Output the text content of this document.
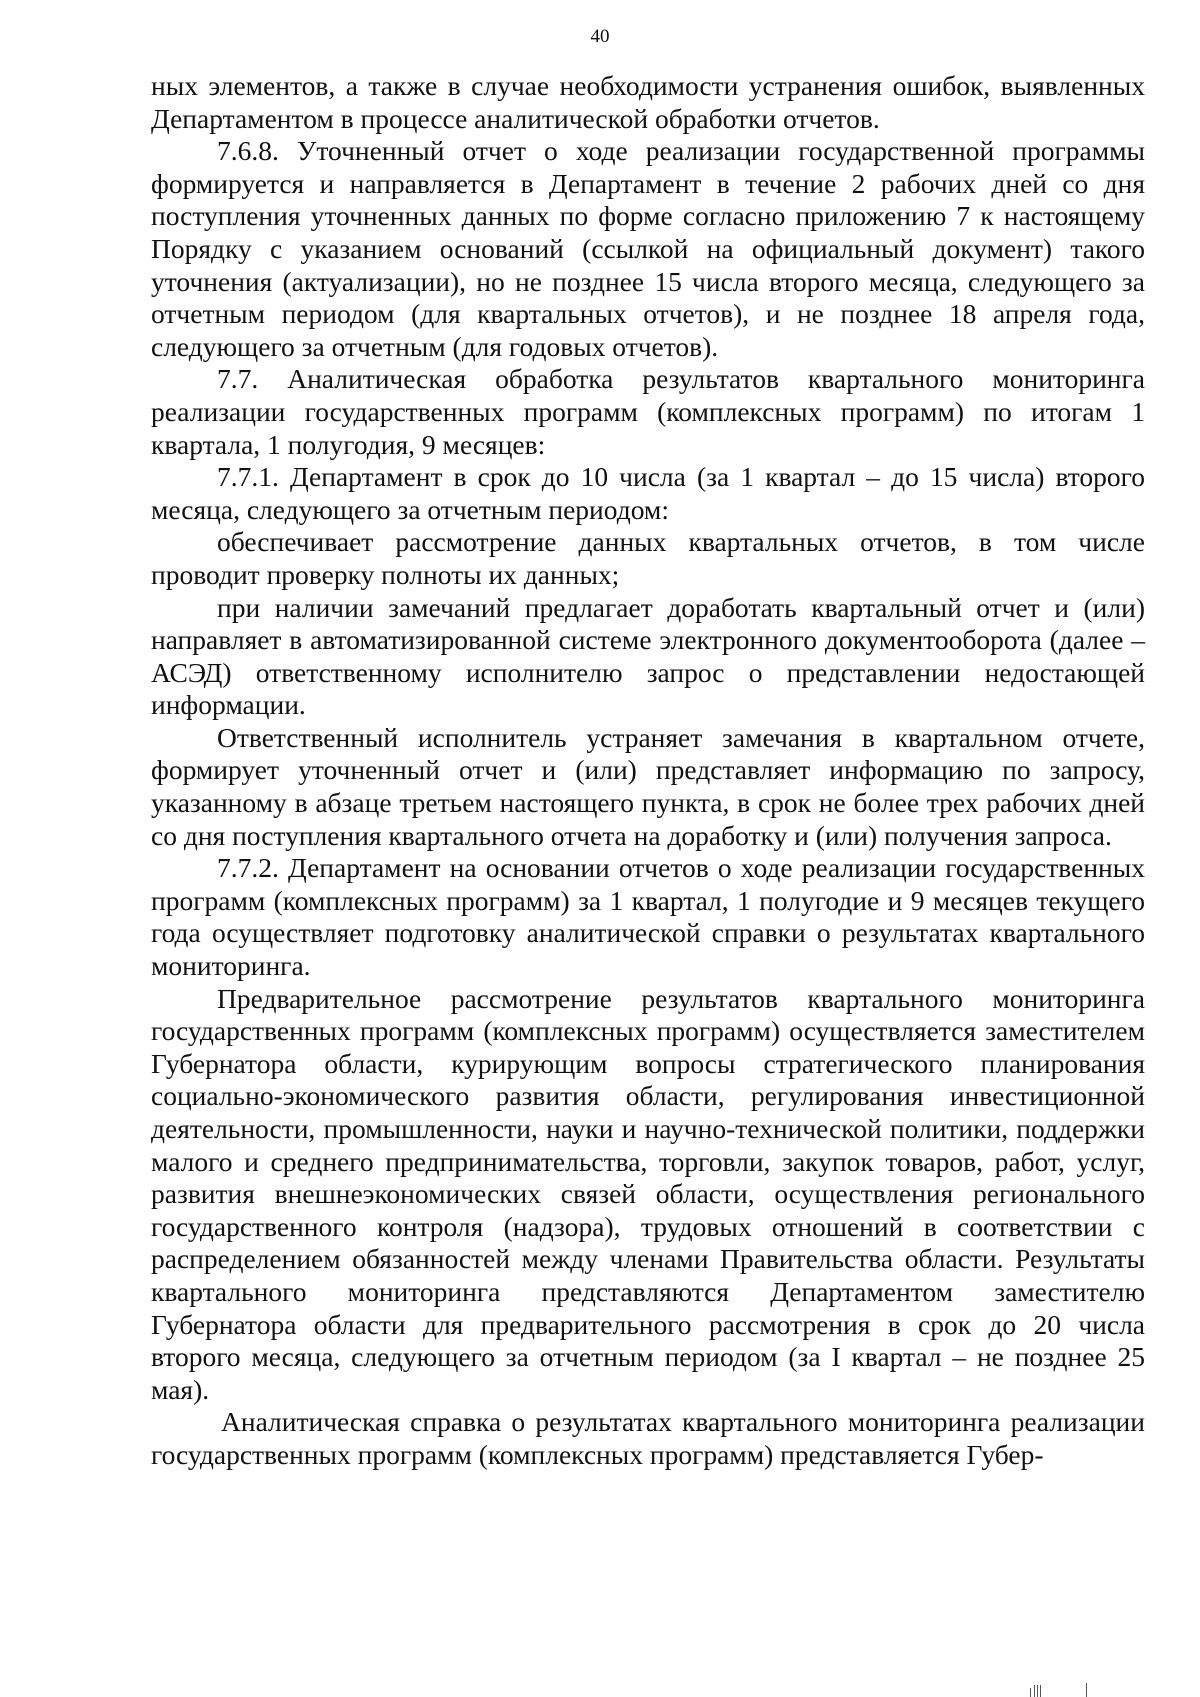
40

ных элементов, а также в случае необходимости устранения ошибок, выявленных Департаментом в процессе аналитической обработки отчетов.

7.6.8. Уточненный отчет о ходе реализации государственной программы формируется и направляется в Департамент в течение 2 рабочих дней со дня поступления уточненных данных по форме согласно приложению 7 к настоящему Порядку с указанием оснований (ссылкой на официальный документ) такого уточнения (актуализации), но не позднее 15 числа второго месяца, следующего за отчетным периодом (для квартальных отчетов), и не позднее 18 апреля года, следующего за отчетным (для годовых отчетов).

7.7. Аналитическая обработка результатов квартального мониторинга реализации государственных программ (комплексных программ) по итогам 1 квартала, 1 полугодия, 9 месяцев:

7.7.1. Департамент в срок до 10 числа (за 1 квартал – до 15 числа) второго месяца, следующего за отчетным периодом:

обеспечивает рассмотрение данных квартальных отчетов, в том числе проводит проверку полноты их данных;

при наличии замечаний предлагает доработать квартальный отчет и (или) направляет в автоматизированной системе электронного документооборота (далее – АСЭД) ответственному исполнителю запрос о представлении недостающей информации.

Ответственный исполнитель устраняет замечания в квартальном отчете, формирует уточненный отчет и (или) представляет информацию по запросу, указанному в абзаце третьем настоящего пункта, в срок не более трех рабочих дней со дня поступления квартального отчета на доработку и (или) получения запроса.

7.7.2. Департамент на основании отчетов о ходе реализации государственных программ (комплексных программ) за 1 квартал, 1 полугодие и 9 месяцев текущего года осуществляет подготовку аналитической справки о результатах квартального мониторинга.

Предварительное рассмотрение результатов квартального мониторинга государственных программ (комплексных программ) осуществляется заместителем Губернатора области, курирующим вопросы стратегического планирования социально-экономического развития области, регулирования инвестиционной деятельности, промышленности, науки и научно-технической политики, поддержки малого и среднего предпринимательства, торговли, закупок товаров, работ, услуг, развития внешнеэкономических связей области, осуществления регионального государственного контроля (надзора), трудовых отношений в соответствии с распределением обязанностей между членами Правительства области. Результаты квартального мониторинга представляются Департаментом заместителю Губернатора области для предварительного рассмотрения в срок до 20 числа второго месяца, следующего за отчетным периодом (за I квартал – не позднее 25 мая).

Аналитическая справка о результатах квартального мониторинга реализации государственных программ (комплексных программ) представляется Губер-
